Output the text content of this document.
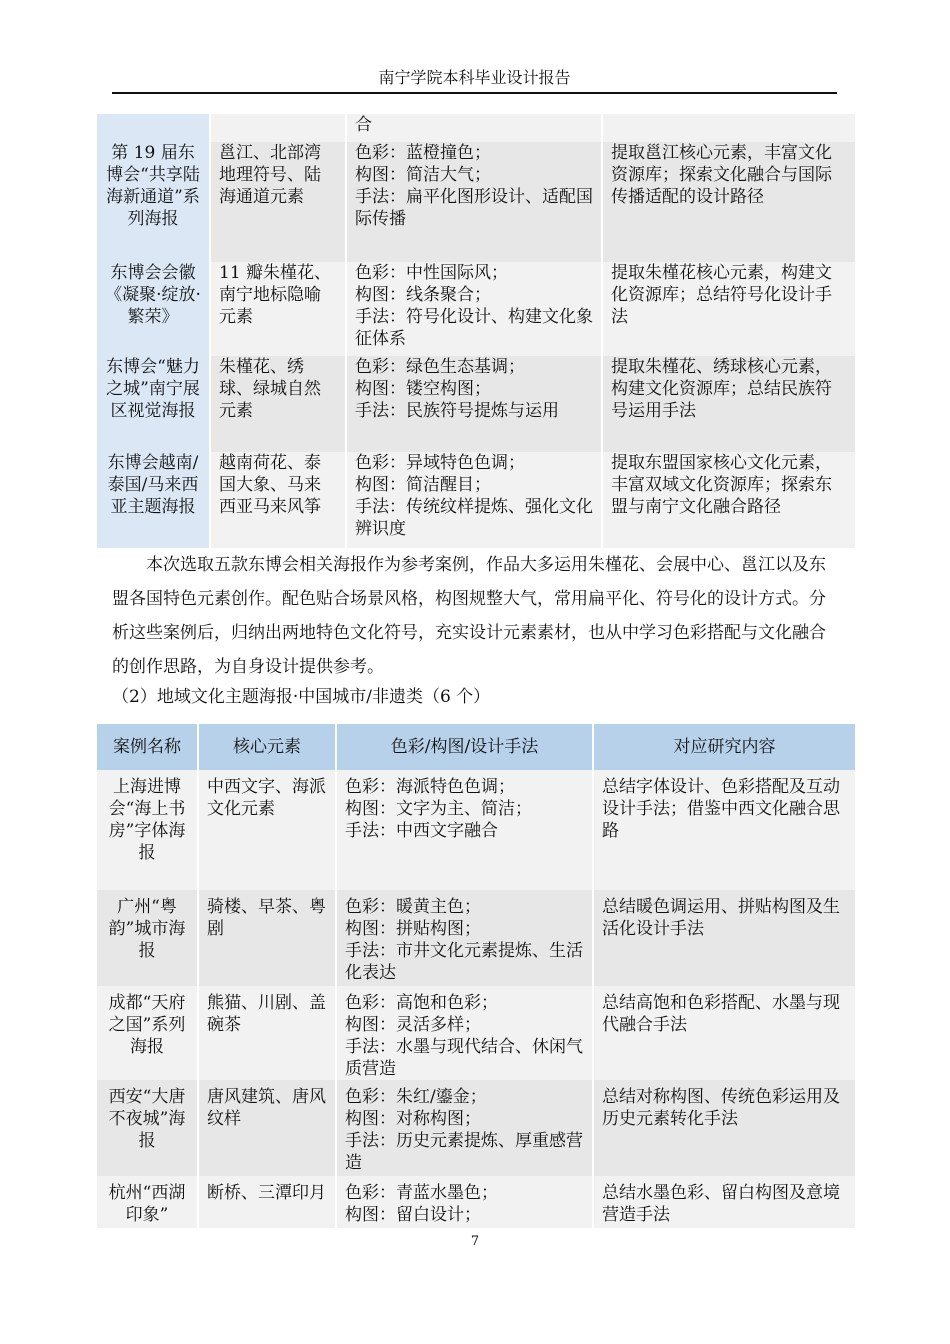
南宁学院本科毕业设计报告
		合	
第 19 届东博会“共享陆海新通道”系列海报	邕江、北部湾地理符号、陆海通道元素	色彩：蓝橙撞色；
构图：简洁大气；
手法：扁平化图形设计、适配国际传播	提取邕江核心元素，丰富文化资源库；探索文化融合与国际传播适配的设计路径
东博会会徽《凝聚·绽放·繁荣》	11 瓣朱槿花、南宁地标隐喻元素	色彩：中性国际风；
构图：线条聚合；
手法：符号化设计、构建文化象征体系	提取朱槿花核心元素，构建文化资源库；总结符号化设计手法
东博会“魅力之城”南宁展区视觉海报	朱槿花、绣球、绿城自然元素	色彩：绿色生态基调；
构图：镂空构图；
手法：民族符号提炼与运用	提取朱槿花、绣球核心元素，构建文化资源库；总结民族符号运用手法
东博会越南/泰国/马来西亚主题海报	越南荷花、泰国大象、马来西亚马来风筝	色彩：异域特色色调；
构图：简洁醒目；
手法：传统纹样提炼、强化文化辨识度	提取东盟国家核心文化元素，丰富双域文化资源库；探索东盟与南宁文化融合路径

本次选取五款东博会相关海报作为参考案例，作品大多运用朱槿花、会展中心、邕江以及东盟各国特色元素创作。配色贴合场景风格，构图规整大气，常用扁平化、符号化的设计方式。分析这些案例后，归纳出两地特色文化符号，充实设计元素素材，也从中学习色彩搭配与文化融合的创作思路，为自身设计提供参考。

（2）地域文化主题海报·中国城市/非遗类（6 个）

案例名称	核心元素	色彩/构图/设计手法	对应研究内容
上海进博会“海上书房”字体海报	中西文字、海派文化元素	色彩：海派特色色调；
构图：文字为主、简洁；
手法：中西文字融合	总结字体设计、色彩搭配及互动设计手法；借鉴中西文化融合思路
广州“粤韵”城市海报	骑楼、早茶、粤剧	色彩：暖黄主色；
构图：拼贴构图；
手法：市井文化元素提炼、生活化表达	总结暖色调运用、拼贴构图及生活化设计手法
成都“天府之国”系列海报	熊猫、川剧、盖碗茶	色彩：高饱和色彩；
构图：灵活多样；
手法：水墨与现代结合、休闲气质营造	总结高饱和色彩搭配、水墨与现代融合手法
西安“大唐不夜城”海报	唐风建筑、唐风纹样	色彩：朱红/鎏金；
构图：对称构图；
手法：历史元素提炼、厚重感营造	总结对称构图、传统色彩运用及历史元素转化手法
杭州“西湖印象”	断桥、三潭印月	色彩：青蓝水墨色；
构图：留白设计；	总结水墨色彩、留白构图及意境营造手法
7
